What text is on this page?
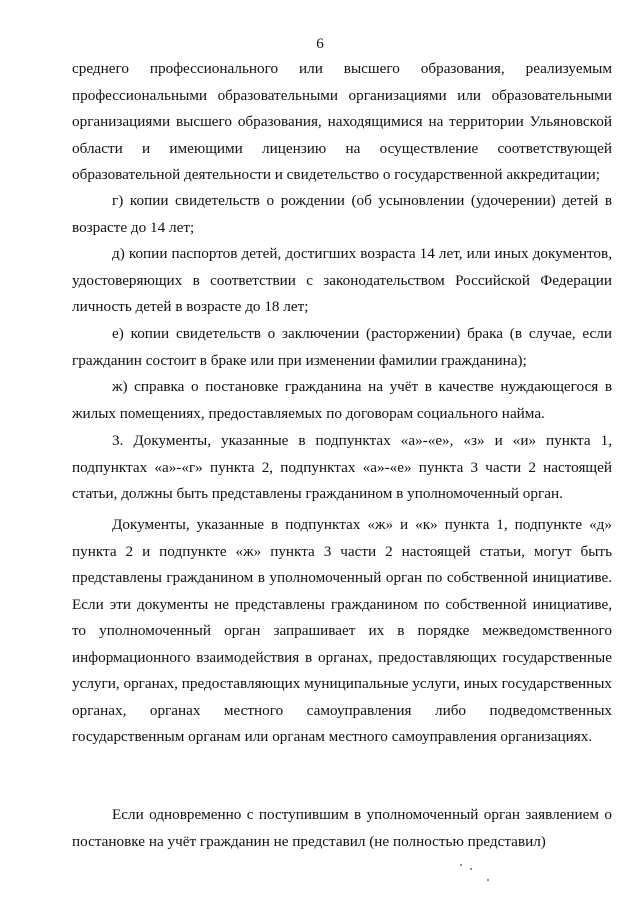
6

среднего профессионального или высшего образования, реализуемым профессиональными образовательными организациями или образовательными организациями высшего образования, находящимися на территории Ульяновской области и имеющими лицензию на осуществление соответствующей образовательной деятельности и свидетельство о государственной аккредитации;

г) копии свидетельств о рождении (об усыновлении (удочерении) детей в возрасте до 14 лет;

д) копии паспортов детей, достигших возраста 14 лет, или иных документов, удостоверяющих в соответствии с законодательством Российской Федерации личность детей в возрасте до 18 лет;

е) копии свидетельств о заключении (расторжении) брака (в случае, если гражданин состоит в браке или при изменении фамилии гражданина);

ж) справка о постановке гражданина на учёт в качестве нуждающегося в жилых помещениях, предоставляемых по договорам социального найма.

3. Документы, указанные в подпунктах «а»-«е», «з» и «и» пункта 1, подпунктах «а»-«г» пункта 2, подпунктах «а»-«е» пункта 3 части 2 настоящей статьи, должны быть представлены гражданином в уполномоченный орган.

Документы, указанные в подпунктах «ж» и «к» пункта 1, подпункте «д» пункта 2 и подпункте «ж» пункта 3 части 2 настоящей статьи, могут быть представлены гражданином в уполномоченный орган по собственной инициативе. Если эти документы не представлены гражданином по собственной инициативе, то уполномоченный орган запрашивает их в порядке межведомственного информационного взаимодействия в органах, предоставляющих государственные услуги, органах, предоставляющих муниципальные услуги, иных государственных органах, органах местного самоуправления либо подведомственных государственным органам или органам местного самоуправления организациях.

Если одновременно с поступившим в уполномоченный орган заявлением о постановке на учёт гражданин не представил (не полностью представил)
